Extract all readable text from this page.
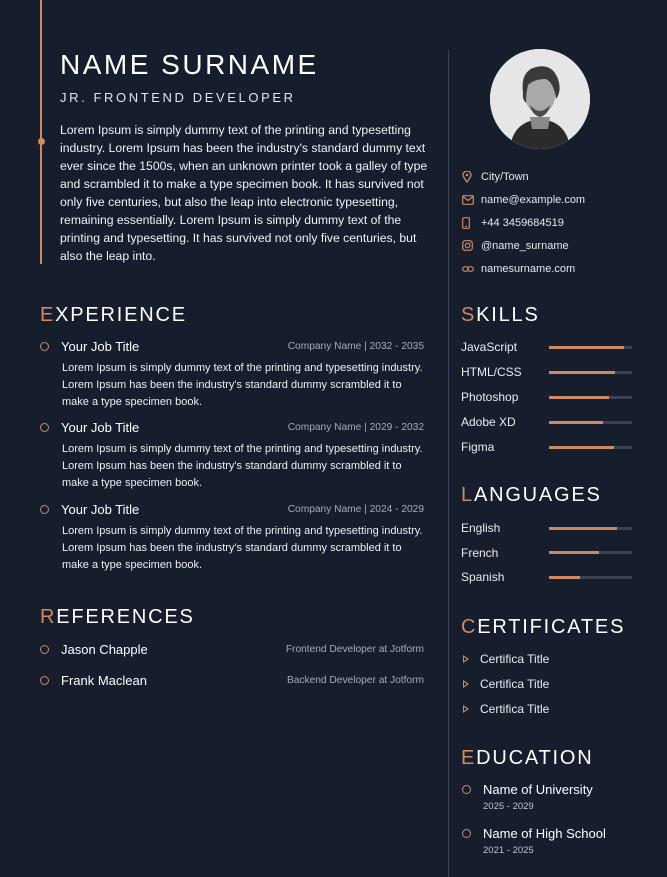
NAME SURNAME
JR. FRONTEND DEVELOPER

Lorem Ipsum is simply dummy text of the printing and typesetting industry. Lorem Ipsum has been the industry's standard dummy text ever since the 1500s, when an unknown printer took a galley of type and scrambled it to make a type specimen book. It has survived not only five centuries, but also the leap into electronic typesetting, remaining essentially. Lorem Ipsum is simply dummy text of the printing and typesetting. It has survived not only five centuries, but also the leap into.

City/Town
name@example.com
+44 3459684519
@name_surname
namesurname.com
EXPERIENCE
Your Job Title	Company Name | 2032 - 2035

Lorem Ipsum is simply dummy text of the printing and typesetting industry. Lorem Ipsum has been the industry's standard dummy scrambled it to make a type specimen book.

Your Job Title	Company Name | 2029 - 2032

Lorem Ipsum is simply dummy text of the printing and typesetting industry. Lorem Ipsum has been the industry's standard dummy scrambled it to make a type specimen book.

Your Job Title	Company Name | 2024 - 2029

Lorem Ipsum is simply dummy text of the printing and typesetting industry. Lorem Ipsum has been the industry's standard dummy scrambled it to make a type specimen book.

REFERENCES
Jason Chapple	Frontend Developer at Jotform
Frank Maclean	Backend Developer at Jotform
SKILLS
JavaScript
HTML/CSS
Photoshop
Adobe XD
Figma
LANGUAGES
English
French
Spanish
CERTIFICATES
Certifica Title
Certifica Title
Certifica Title
EDUCATION
Name of University
2025 - 2029
Name of High School
2021 - 2025
